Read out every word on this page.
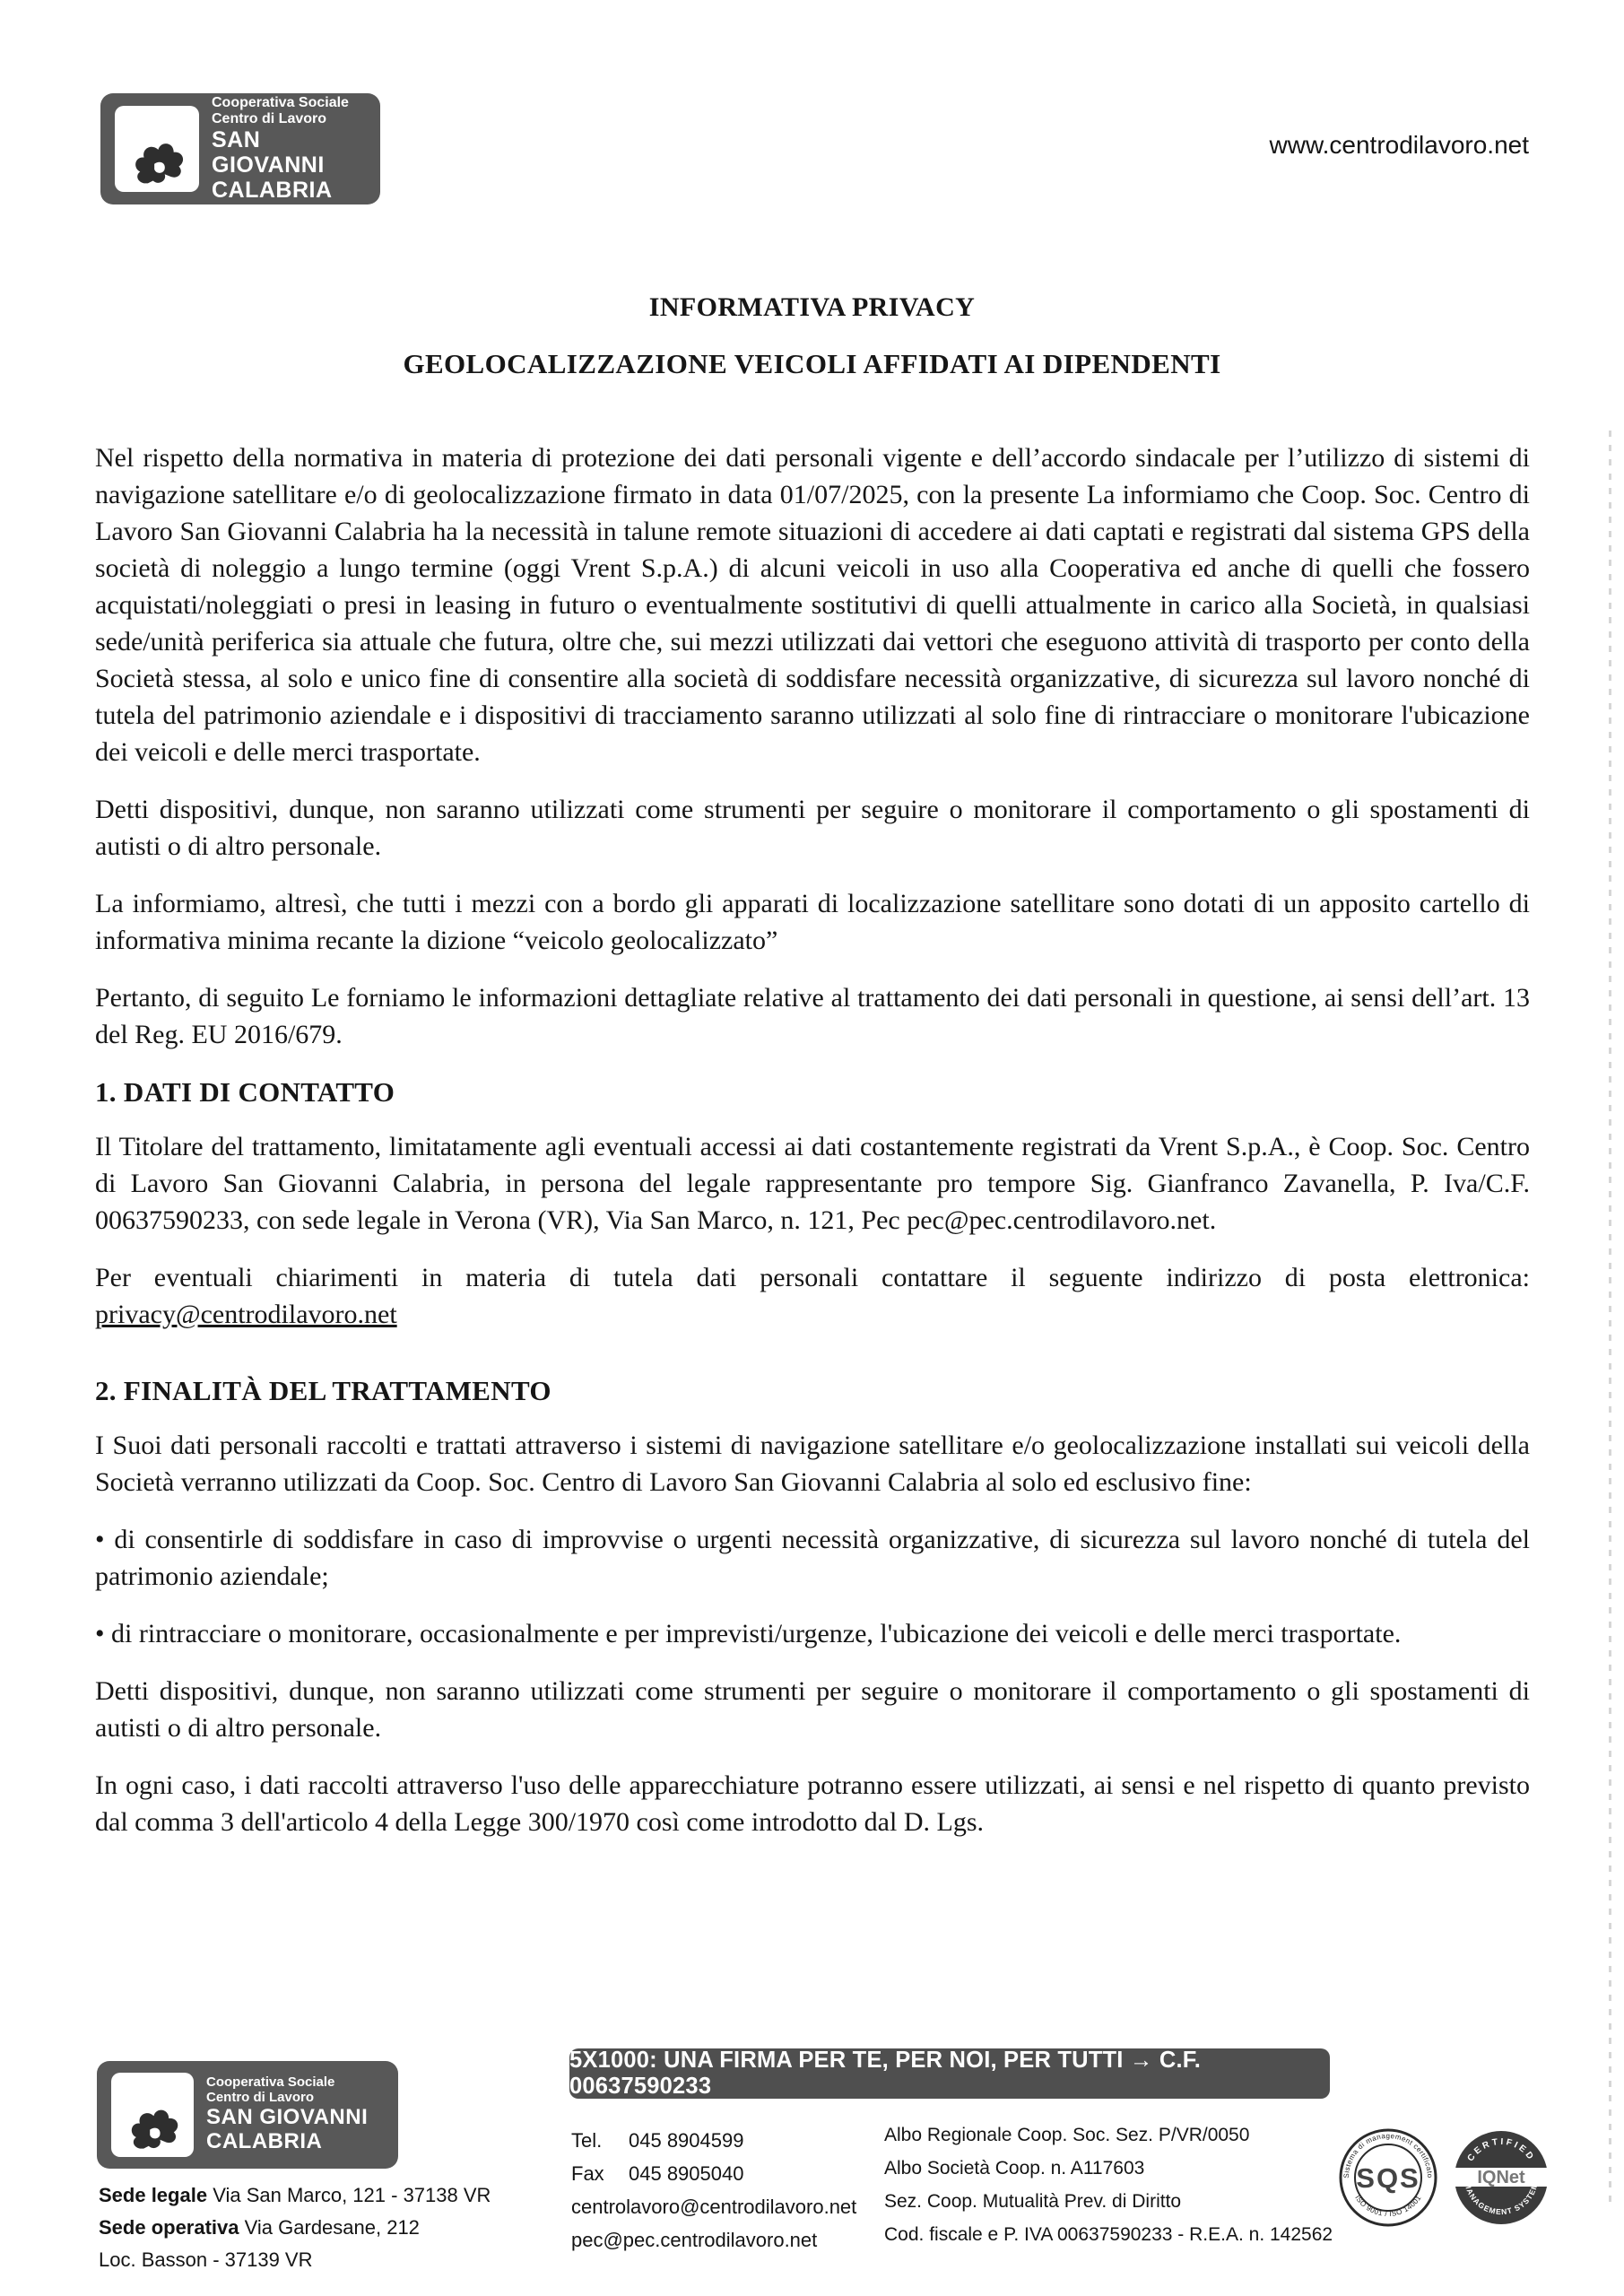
Cooperativa Sociale
Centro di Lavoro
SAN GIOVANNI
CALABRIA
www.centrodilavoro.net
INFORMATIVA PRIVACY
GEOLOCALIZZAZIONE VEICOLI AFFIDATI AI DIPENDENTI

Nel rispetto della normativa in materia di protezione dei dati personali vigente e dell’accordo sindacale per l’utilizzo di sistemi di navigazione satellitare e/o di geolocalizzazione firmato in data 01/07/2025, con la presente La informiamo che Coop. Soc. Centro di Lavoro San Giovanni Calabria ha la necessità in talune remote situazioni di accedere ai dati captati e registrati dal sistema GPS della società di noleggio a lungo termine (oggi Vrent S.p.A.) di alcuni veicoli in uso alla Cooperativa ed anche di quelli che fossero acquistati/noleggiati o presi in leasing in futuro o eventualmente sostitutivi di quelli attualmente in carico alla Società, in qualsiasi sede/unità periferica sia attuale che futura, oltre che, sui mezzi utilizzati dai vettori che eseguono attività di trasporto per conto della Società stessa, al solo e unico fine di consentire alla società di soddisfare necessità organizzative, di sicurezza sul lavoro nonché di tutela del patrimonio aziendale e i dispositivi di tracciamento saranno utilizzati al solo fine di rintracciare o monitorare l'ubicazione dei veicoli e delle merci trasportate.

Detti dispositivi, dunque, non saranno utilizzati come strumenti per seguire o monitorare il comportamento o gli spostamenti di autisti o di altro personale.

La informiamo, altresì, che tutti i mezzi con a bordo gli apparati di localizzazione satellitare sono dotati di un apposito cartello di informativa minima recante la dizione “veicolo geolocalizzato”

Pertanto, di seguito Le forniamo le informazioni dettagliate relative al trattamento dei dati personali in questione, ai sensi dell’art. 13 del Reg. EU 2016/679.

1. DATI DI CONTATTO

Il Titolare del trattamento, limitatamente agli eventuali accessi ai dati costantemente registrati da Vrent S.p.A., è Coop. Soc. Centro di Lavoro San Giovanni Calabria, in persona del legale rappresentante pro tempore Sig. Gianfranco Zavanella, P. Iva/C.F. 00637590233, con sede legale in Verona (VR), Via San Marco, n. 121, Pec pec@pec.centrodilavoro.net.

Per eventuali chiarimenti in materia di tutela dati personali contattare il seguente indirizzo di posta elettronica: privacy@centrodilavoro.net

2. FINALITÀ DEL TRATTAMENTO

I Suoi dati personali raccolti e trattati attraverso i sistemi di navigazione satellitare e/o geolocalizzazione installati sui veicoli della Società verranno utilizzati da Coop. Soc. Centro di Lavoro San Giovanni Calabria al solo ed esclusivo fine:

• di consentirle di soddisfare in caso di improvvise o urgenti necessità organizzative, di sicurezza sul lavoro nonché di tutela del patrimonio aziendale;

• di rintracciare o monitorare, occasionalmente e per imprevisti/urgenze, l'ubicazione dei veicoli e delle merci trasportate.

Detti dispositivi, dunque, non saranno utilizzati come strumenti per seguire o monitorare il comportamento o gli spostamenti di autisti o di altro personale.

In ogni caso, i dati raccolti attraverso l'uso delle apparecchiature potranno essere utilizzati, ai sensi e nel rispetto di quanto previsto dal comma 3 dell'articolo 4 della Legge 300/1970 così come introdotto dal D. Lgs.

5X1000: UNA FIRMA PER TE, PER NOI, PER TUTTI → C.F. 00637590233
Cooperativa Sociale
Centro di Lavoro
SAN GIOVANNI
CALABRIA
Sede legale Via San Marco, 121 - 37138 VR
Sede operativa Via Gardesane, 212
Loc. Basson - 37139 VR
Tel. 045 8904599
Fax 045 8905040
centrolavoro@centrodilavoro.net
pec@pec.centrodilavoro.net
Albo Regionale Coop. Soc. Sez. P/VR/0050
Albo Società Coop. n. A117603
Sez. Coop. Mutualità Prev. di Diritto
Cod. fiscale e P. IVA 00637590233 - R.E.A. n. 142562
Sistema di management certificato
ISO 9001 / ISO 14001
SQS
CERTIFIED
IQNet
MANAGEMENT SYSTEM
